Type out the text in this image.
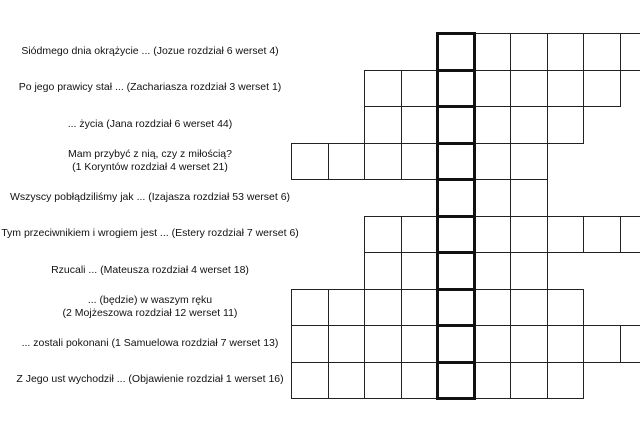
Siódmego dnia okrążycie ... (Jozue rozdział 6 werset 4)
Po jego prawicy stał ... (Zachariasza rozdział 3 werset 1)
... życia (Jana rozdział 6 werset 44)
Mam przybyć z nią, czy z miłością?
(1 Koryntów rozdział 4 werset 21)
Wszyscy pobłądziliśmy jak ... (Izajasza rozdział 53 werset 6)
Tym przeciwnikiem i wrogiem jest ... (Estery rozdział 7 werset 6)
Rzucali ... (Mateusza rozdział 4 werset 18)
... (będzie) w waszym ręku
(2 Mojżeszowa rozdział 12 werset 11)
... zostali pokonani (1 Samuelowa rozdział 7 werset 13)
Z Jego ust wychodził ... (Objawienie rozdział 1 werset 16)
